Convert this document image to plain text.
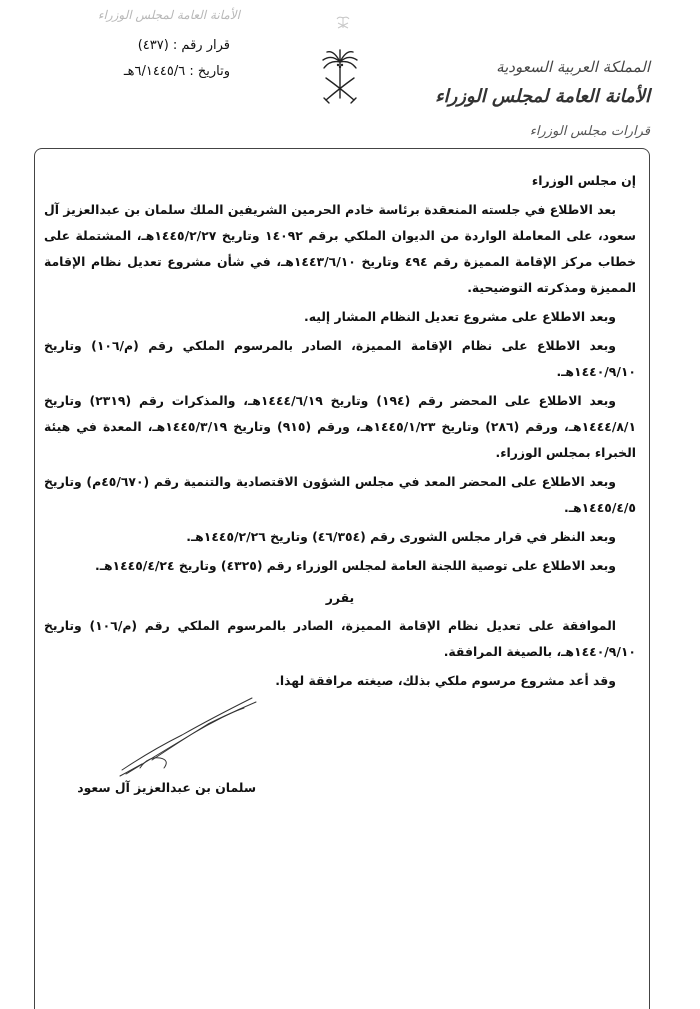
الأمانة العامة لمجلس الوزراء
قرار رقم : (٤٣٧)
وتاريخ : ٦/١٤٤٥/٦هـ	المملكة العربية السعودية
الأمانة العامة لمجلس الوزراء
قرارات مجلس الوزراء

إن مجلس الوزراء

بعد الاطلاع في جلسته المنعقدة برئاسة خادم الحرمين الشريفين الملك سلمان بن عبدالعزيز آل سعود، على المعاملة الواردة من الديوان الملكي برقم ١٤٠٩٢ وتاريخ ١٤٤٥/٢/٢٧هـ، المشتملة على خطاب مركز الإقامة المميزة رقم ٤٩٤ وتاريخ ١٤٤٣/٦/١٠هـ، في شأن مشروع تعديل نظام الإقامة المميزة ومذكرته التوضيحية.

وبعد الاطلاع على مشروع تعديل النظام المشار إليه.

وبعد الاطلاع على نظام الإقامة المميزة، الصادر بالمرسوم الملكي رقم (م/١٠٦) وتاريخ ١٤٤٠/٩/١٠هـ.

وبعد الاطلاع على المحضر رقم (١٩٤) وتاريخ ١٤٤٤/٦/١٩هـ، والمذكرات رقم (٢٣١٩) وتاريخ ١٤٤٤/٨/١هـ، ورقم (٢٨٦) وتاريخ ١٤٤٥/١/٢٣هـ، ورقم (٩١٥) وتاريخ ١٤٤٥/٣/١٩هـ، المعدة في هيئة الخبراء بمجلس الوزراء.

وبعد الاطلاع على المحضر المعد في مجلس الشؤون الاقتصادية والتنمية رقم (٤٥/٦٧٠م) وتاريخ ١٤٤٥/٤/٥هـ.

وبعد النظر في قرار مجلس الشورى رقم (٤٦/٣٥٤) وتاريخ ١٤٤٥/٢/٢٦هـ.

وبعد الاطلاع على توصية اللجنة العامة لمجلس الوزراء رقم (٤٣٢٥) وتاريخ ١٤٤٥/٤/٢٤هـ.

يقرر

الموافقة على تعديل نظام الإقامة المميزة، الصادر بالمرسوم الملكي رقم (م/١٠٦) وتاريخ ١٤٤٠/٩/١٠هـ، بالصيغة المرافقة.

وقد أعد مشروع مرسوم ملكي بذلك، صيغته مرافقة لهذا.

سلمان بن عبدالعزيز آل سعود
